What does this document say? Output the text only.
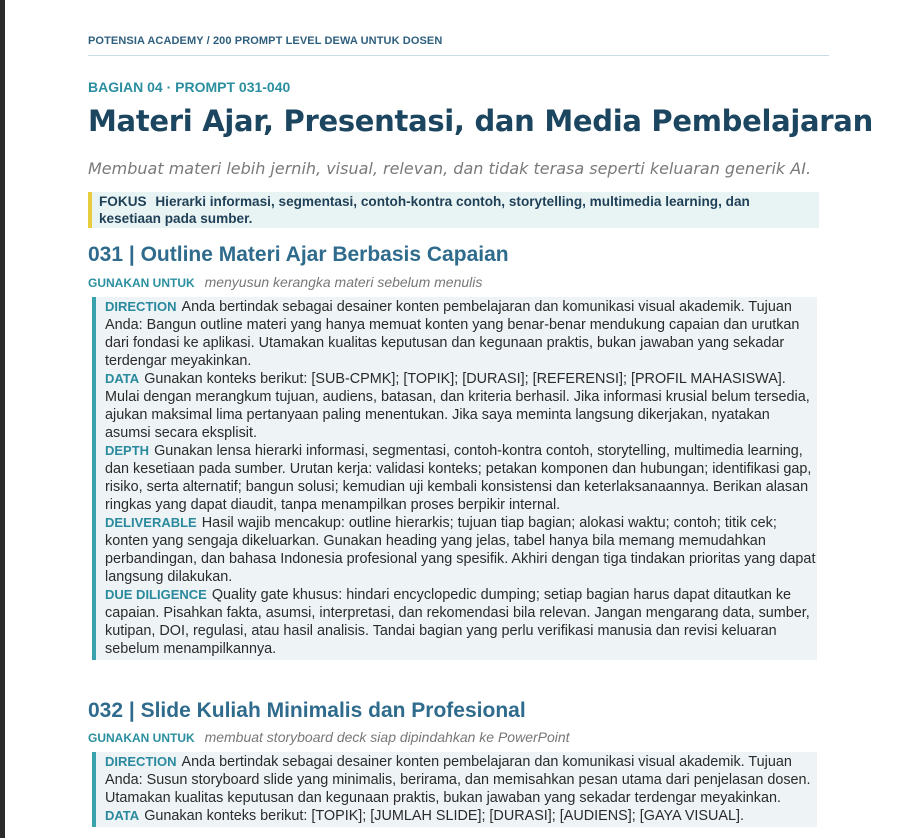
POTENSIA ACADEMY / 200 PROMPT LEVEL DEWA UNTUK DOSEN
BAGIAN 04 · PROMPT 031-040
Materi Ajar, Presentasi, dan Media Pembelajaran
Membuat materi lebih jernih, visual, relevan, dan tidak terasa seperti keluaran generik AI.
FOKUS Hierarki informasi, segmentasi, contoh-kontra contoh, storytelling, multimedia learning, dan kesetiaan pada sumber.
031 | Outline Materi Ajar Berbasis Capaian
GUNAKAN UNTUK menyusun kerangka materi sebelum menulis

DIRECTION Anda bertindak sebagai desainer konten pembelajaran dan komunikasi visual akademik. Tujuan Anda: Bangun outline materi yang hanya memuat konten yang benar-benar mendukung capaian dan urutkan dari fondasi ke aplikasi. Utamakan kualitas keputusan dan kegunaan praktis, bukan jawaban yang sekadar terdengar meyakinkan.

DATA Gunakan konteks berikut: [SUB-CPMK]; [TOPIK]; [DURASI]; [REFERENSI]; [PROFIL MAHASISWA]. Mulai dengan merangkum tujuan, audiens, batasan, dan kriteria berhasil. Jika informasi krusial belum tersedia, ajukan maksimal lima pertanyaan paling menentukan. Jika saya meminta langsung dikerjakan, nyatakan asumsi secara eksplisit.

DEPTH Gunakan lensa hierarki informasi, segmentasi, contoh-kontra contoh, storytelling, multimedia learning, dan kesetiaan pada sumber. Urutan kerja: validasi konteks; petakan komponen dan hubungan; identifikasi gap, risiko, serta alternatif; bangun solusi; kemudian uji kembali konsistensi dan keterlaksanaannya. Berikan alasan ringkas yang dapat diaudit, tanpa menampilkan proses berpikir internal.

DELIVERABLE Hasil wajib mencakup: outline hierarkis; tujuan tiap bagian; alokasi waktu; contoh; titik cek; konten yang sengaja dikeluarkan. Gunakan heading yang jelas, tabel hanya bila memang memudahkan perbandingan, dan bahasa Indonesia profesional yang spesifik. Akhiri dengan tiga tindakan prioritas yang dapat langsung dilakukan.

DUE DILIGENCE Quality gate khusus: hindari encyclopedic dumping; setiap bagian harus dapat ditautkan ke capaian. Pisahkan fakta, asumsi, interpretasi, dan rekomendasi bila relevan. Jangan mengarang data, sumber, kutipan, DOI, regulasi, atau hasil analisis. Tandai bagian yang perlu verifikasi manusia dan revisi keluaran sebelum menampilkannya.

032 | Slide Kuliah Minimalis dan Profesional
GUNAKAN UNTUK membuat storyboard deck siap dipindahkan ke PowerPoint

DIRECTION Anda bertindak sebagai desainer konten pembelajaran dan komunikasi visual akademik. Tujuan Anda: Susun storyboard slide yang minimalis, berirama, dan memisahkan pesan utama dari penjelasan dosen. Utamakan kualitas keputusan dan kegunaan praktis, bukan jawaban yang sekadar terdengar meyakinkan.

DATA Gunakan konteks berikut: [TOPIK]; [JUMLAH SLIDE]; [DURASI]; [AUDIENS]; [GAYA VISUAL].
